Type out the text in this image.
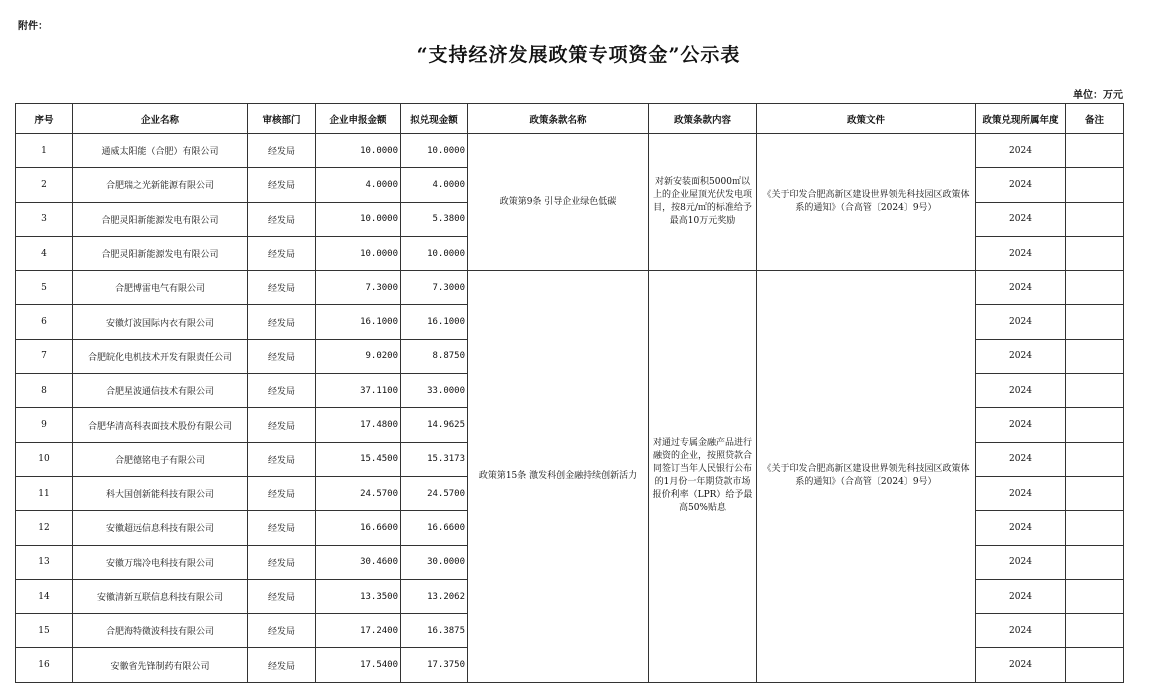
附件：
“支持经济发展政策专项资金”公示表
单位：万元
序号	企业名称	审核部门	企业申报金额	拟兑现金额	政策条款名称	政策条款内容	政策文件	政策兑现所属年度	备注
1	通威太阳能（合肥）有限公司	经发局	10.0000	10.0000	政策第9条 引导企业绿色低碳	对新安装面积5000㎡以上的企业屋顶光伏发电项目，按8元/㎡的标准给予最高10万元奖励	《关于印发合肥高新区建设世界领先科技园区政策体系的通知》（合高管〔2024〕9号）	2024	
2	合肥瑞之光新能源有限公司	经发局	4.0000	4.0000				2024	
3	合肥灵阳新能源发电有限公司	经发局	10.0000	5.3800				2024	
4	合肥灵阳新能源发电有限公司	经发局	10.0000	10.0000				2024	
5	合肥博雷电气有限公司	经发局	7.3000	7.3000	政策第15条 激发科创金融持续创新活力	对通过专属金融产品进行融资的企业，按照贷款合同签订当年人民银行公布的1月份一年期贷款市场报价利率（LPR）给予最高50%贴息	《关于印发合肥高新区建设世界领先科技园区政策体系的通知》（合高管〔2024〕9号）	2024	
6	安徽灯波国际内衣有限公司	经发局	16.1000	16.1000				2024	
7	合肥皖化电机技术开发有限责任公司	经发局	9.0200	8.8750				2024	
8	合肥星波通信技术有限公司	经发局	37.1100	33.0000				2024	
9	合肥华清高科表面技术股份有限公司	经发局	17.4800	14.9625				2024	
10	合肥德铭电子有限公司	经发局	15.4500	15.3173				2024	
11	科大国创新能科技有限公司	经发局	24.5700	24.5700				2024	
12	安徽超远信息科技有限公司	经发局	16.6600	16.6600				2024	
13	安徽万瑞冷电科技有限公司	经发局	30.4600	30.0000				2024	
14	安徽清新互联信息科技有限公司	经发局	13.3500	13.2062				2024	
15	合肥海特微波科技有限公司	经发局	17.2400	16.3875				2024	
16	安徽省先锋制药有限公司	经发局	17.5400	17.3750				2024	
